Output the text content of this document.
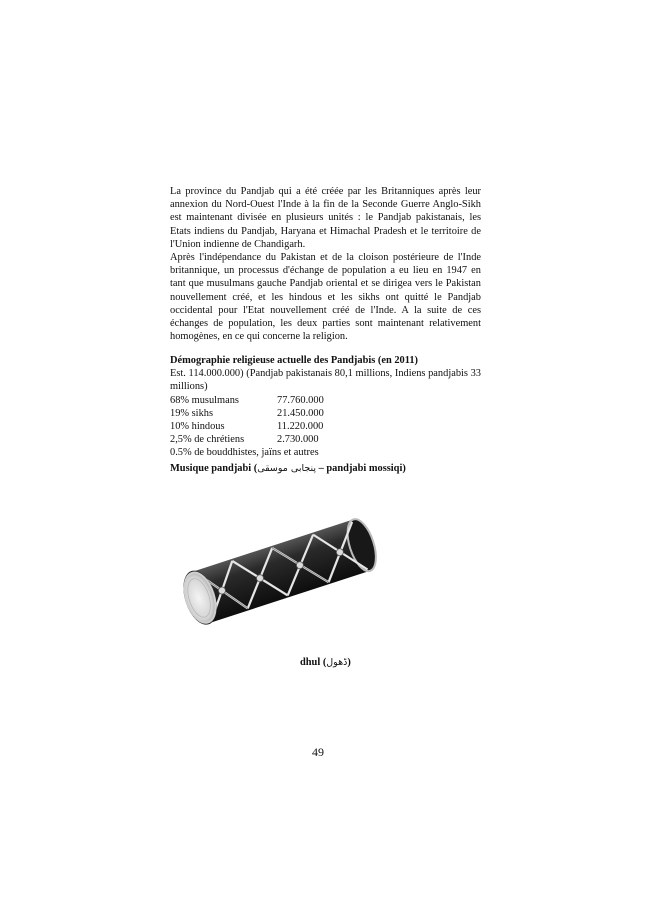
La province du Pandjab qui a été créée par les Britanniques après leur annexion du Nord-Ouest l'Inde à la fin de la Seconde Guerre Anglo-Sikh est maintenant divisée en plusieurs unités : le Pandjab pakistanais, les Etats indiens du Pandjab, Haryana et Himachal Pradesh et le territoire de l'Union indienne de Chandigarh.

Après l'indépendance du Pakistan et de la cloison postérieure de l'Inde britannique, un processus d'échange de population a eu lieu en 1947 en tant que musulmans gauche Pandjab oriental et se dirigea vers le Pakistan nouvellement créé, et les hindous et les sikhs ont quitté le Pandjab occidental pour l'Etat nouvellement créé de l'Inde. A la suite de ces échanges de population, les deux parties sont maintenant relativement homogènes, en ce qui concerne la religion.

Démographie religieuse actuelle des Pandjabis (en 2011)

Est. 114.000.000) (Pandjab pakistanais 80,1 millions, Indiens pandjabis 33 millions)

68% musulmans	77.760.000
19% sikhs	21.450.000
10% hindous	11.220.000
2,5% de chrétiens	2.730.000

0.5% de bouddhistes, jaïns et autres

Musique pandjabi (پنجابی موسقی – pandjabi mossiqi)
dhul (ڈھول)
49
